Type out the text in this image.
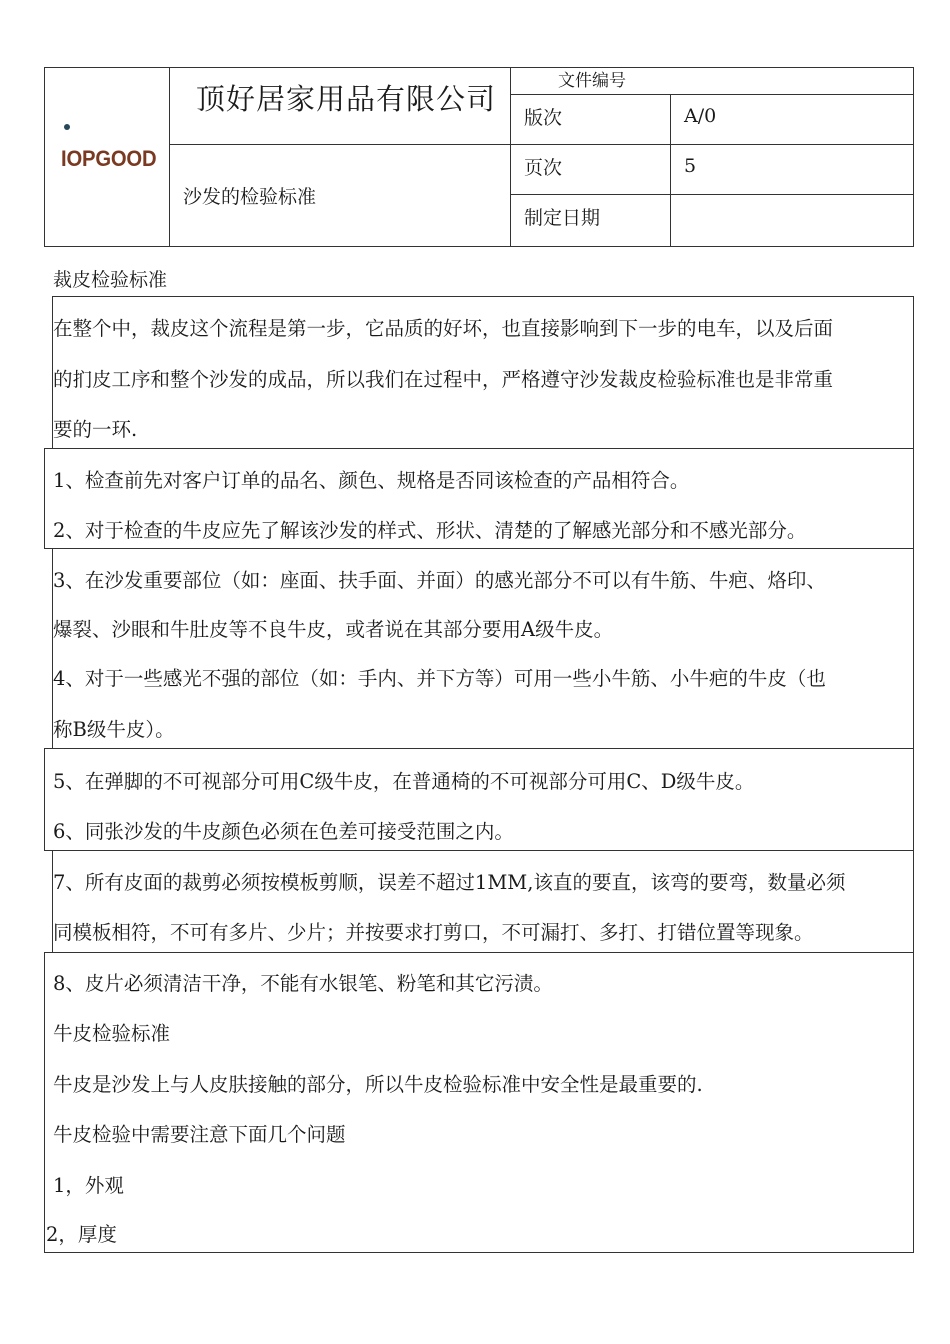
IOPGOOD
顶好居家用品有限公司
沙发的检验标准
文件编号
版次	A/0
页次	5
制定日期
裁皮检验标准
在整个中，裁皮这个流程是第一步，它品质的好坏，也直接影响到下一步的电车，以及后面
的扪皮工序和整个沙发的成品，所以我们在过程中，严格遵守沙发裁皮检验标准也是非常重
要的一环.
1、检查前先对客户订单的品名、颜色、规格是否同该检查的产品相符合。
2、对于检查的牛皮应先了解该沙发的样式、形状、清楚的了解感光部分和不感光部分。
3、在沙发重要部位（如：座面、扶手面、并面）的感光部分不可以有牛筋、牛疤、烙印、
爆裂、沙眼和牛肚皮等不良牛皮，或者说在其部分要用A级牛皮。
4、对于一些感光不强的部位（如：手内、并下方等）可用一些小牛筋、小牛疤的牛皮（也
称B级牛皮）。
5、在弹脚的不可视部分可用C级牛皮，在普通椅的不可视部分可用C、D级牛皮。
6、同张沙发的牛皮颜色必须在色差可接受范围之内。
7、所有皮面的裁剪必须按模板剪顺，误差不超过1MM,该直的要直，该弯的要弯，数量必须
同模板相符，不可有多片、少片；并按要求打剪口，不可漏打、多打、打错位置等现象。
8、皮片必须清洁干净，不能有水银笔、粉笔和其它污渍。
牛皮检验标准
牛皮是沙发上与人皮肤接触的部分，所以牛皮检验标准中安全性是最重要的.
牛皮检验中需要注意下面几个问题
1，外观
2，厚度
